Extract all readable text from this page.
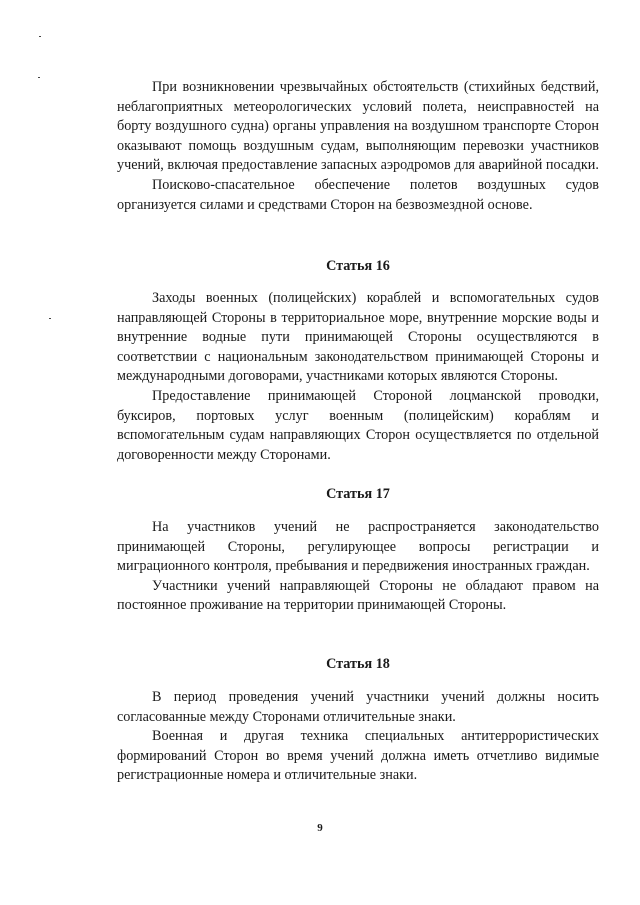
При возникновении чрезвычайных обстоятельств (стихийных бедствий, неблагоприятных метеорологических условий полета, неисправностей на борту воздушного судна) органы управления на воздушном транспорте Сторон оказывают помощь воздушным судам, выполняющим перевозки участников учений, включая предоставление запасных аэродромов для аварийной посадки.

Поисково-спасательное обеспечение полетов воздушных судов организуется силами и средствами Сторон на безвозмездной основе.

Статья 16

Заходы военных (полицейских) кораблей и вспомогательных судов направляющей Стороны в территориальное море, внутренние морские воды и внутренние водные пути принимающей Стороны осуществляются в соответствии с национальным законодательством принимающей Стороны и международными договорами, участниками которых являются Стороны.

Предоставление принимающей Стороной лоцманской проводки, буксиров, портовых услуг военным (полицейским) кораблям и вспомогательным судам направляющих Сторон осуществляется по отдельной договоренности между Сторонами.

Статья 17

На участников учений не распространяется законодательство принимающей Стороны, регулирующее вопросы регистрации и миграционного контроля, пребывания и передвижения иностранных граждан.

Участники учений направляющей Стороны не обладают правом на постоянное проживание на территории принимающей Стороны.

Статья 18

В период проведения учений участники учений должны носить согласованные между Сторонами отличительные знаки.

Военная и другая техника специальных антитеррористических формирований Сторон во время учений должна иметь отчетливо видимые регистрационные номера и отличительные знаки.

9
